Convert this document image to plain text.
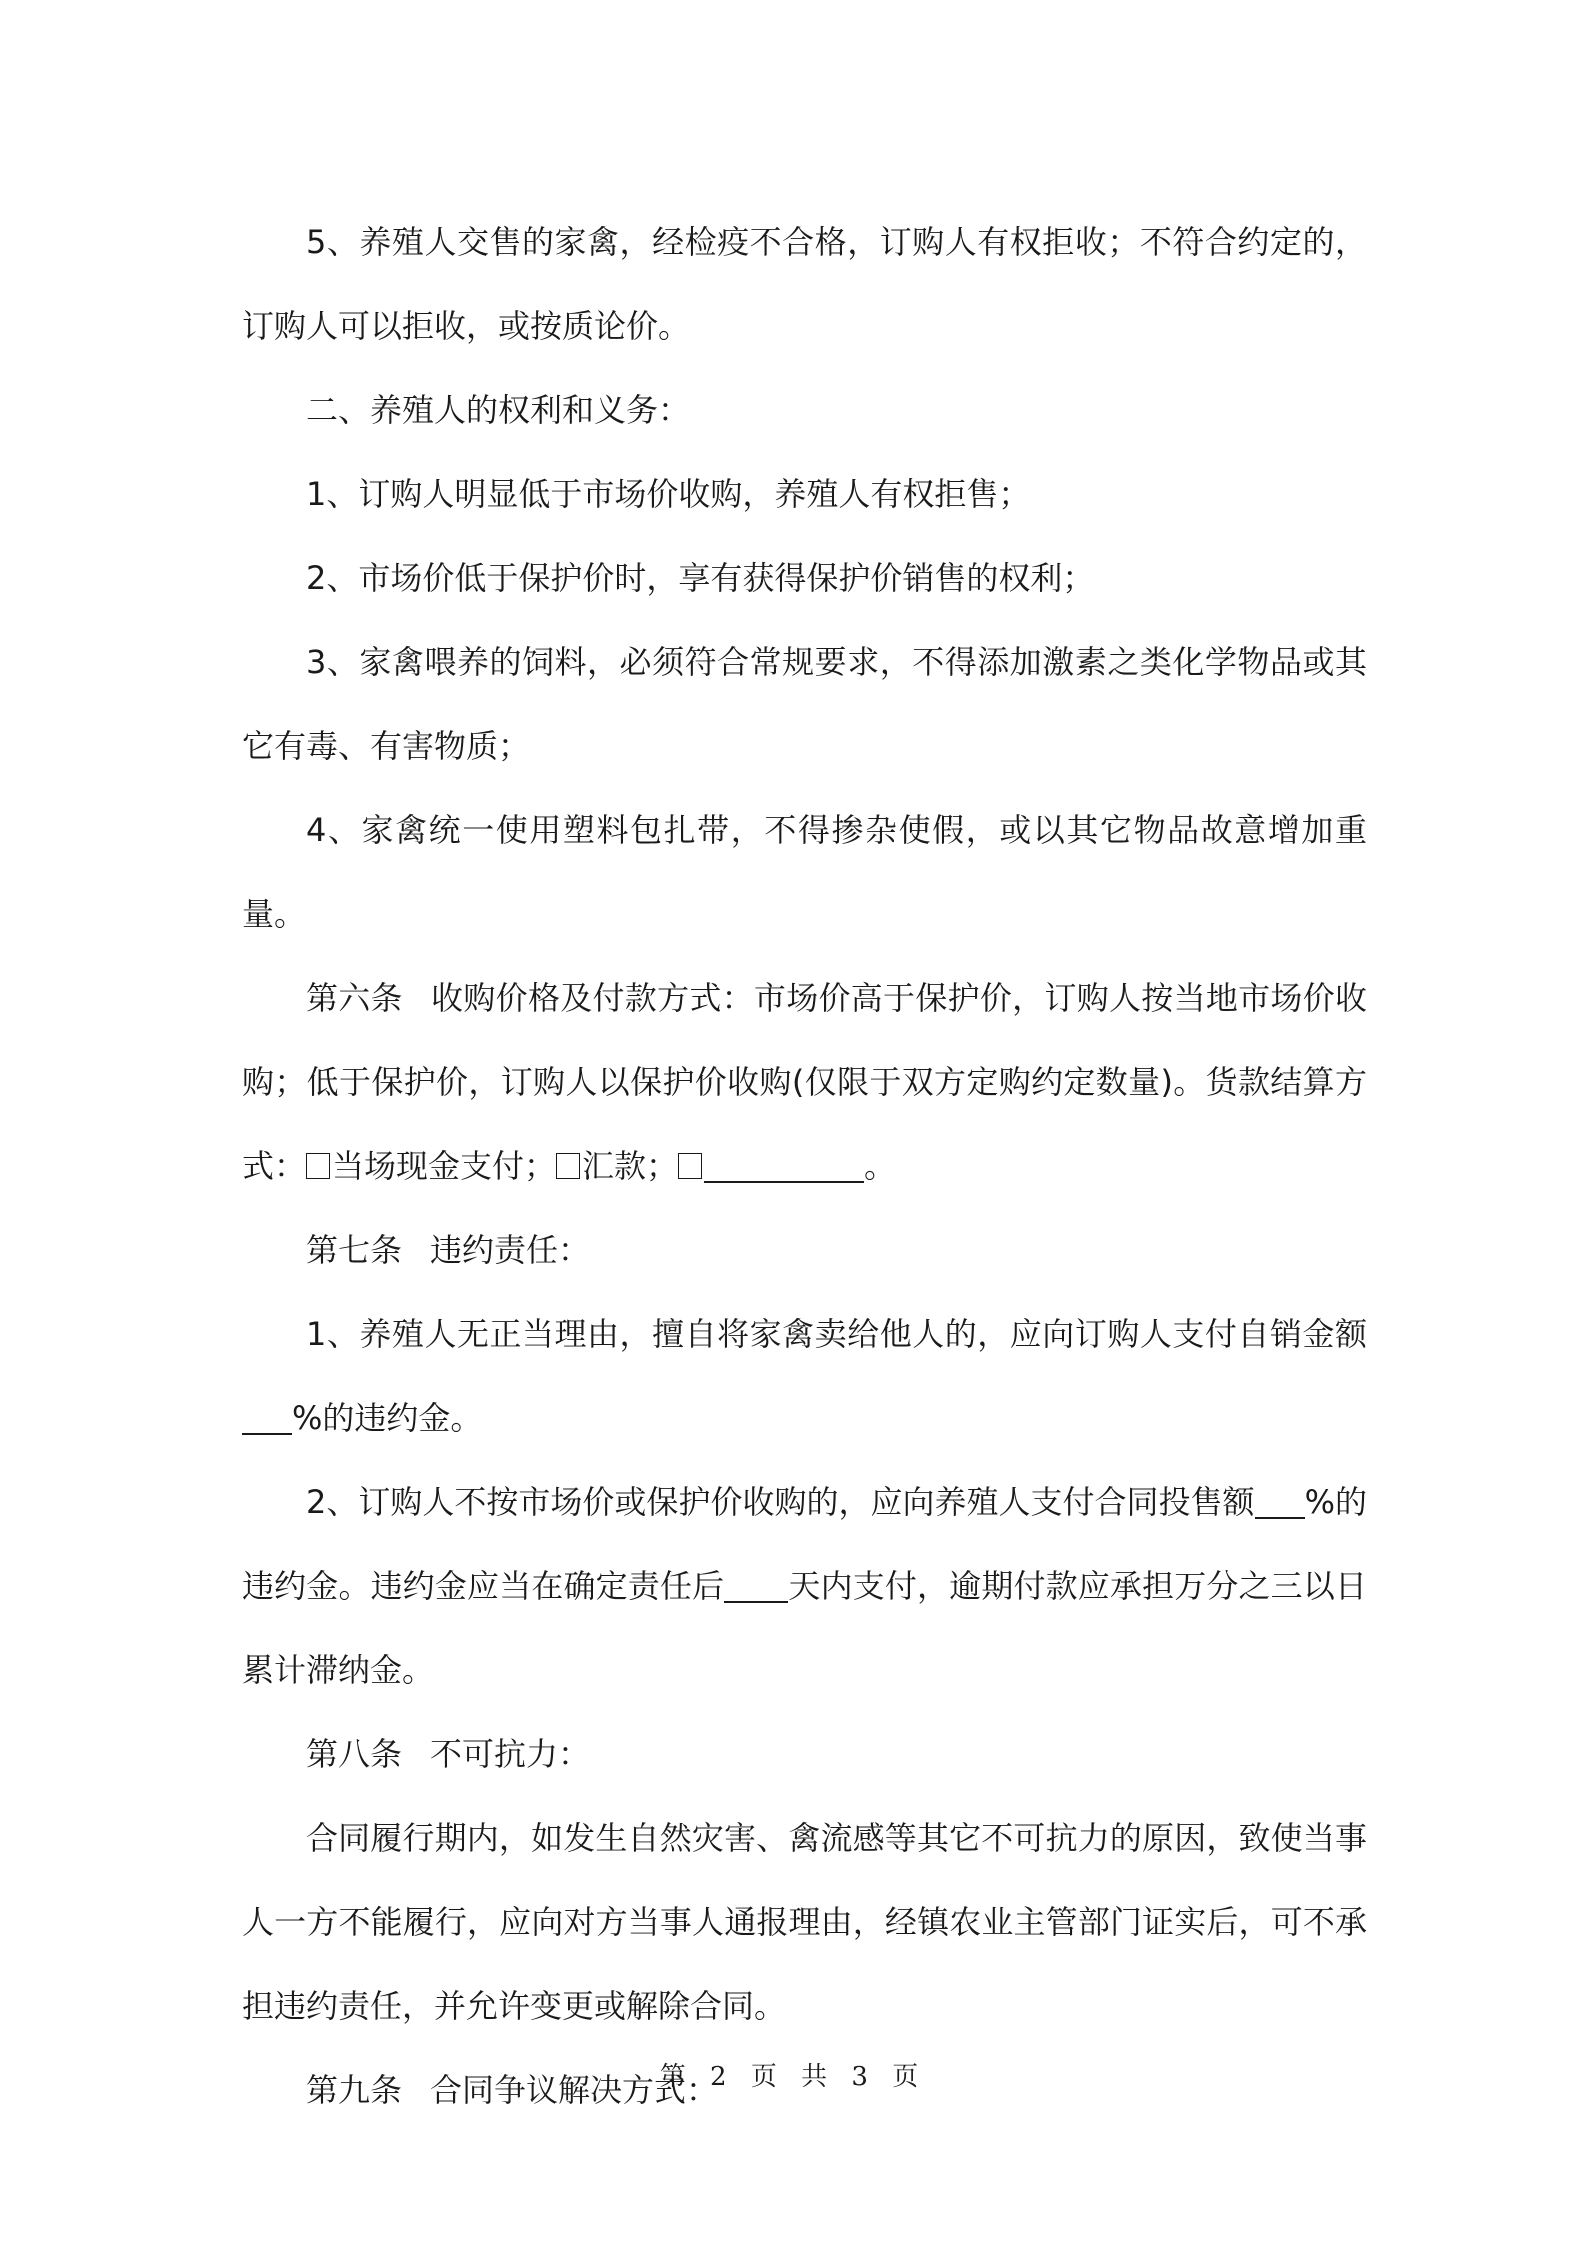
5、养殖人交售的家禽，经检疫不合格，订购人有权拒收；不符合约定的，订购人可以拒收，或按质论价。

二、养殖人的权利和义务：

1、订购人明显低于市场价收购，养殖人有权拒售；

2、市场价低于保护价时，享有获得保护价销售的权利；

3、家禽喂养的饲料，必须符合常规要求，不得添加激素之类化学物品或其它有毒、有害物质；

4、家禽统一使用塑料包扎带，不得掺杂使假，或以其它物品故意增加重量。

第六条 收购价格及付款方式：市场价高于保护价，订购人按当地市场价收购；低于保护价，订购人以保护价收购(仅限于双方定购约定数量)。货款结算方式： 当场现金支付； 汇款；	。

第七条 违约责任：

1、养殖人无正当理由，擅自将家禽卖给他人的，应向订购人支付自销金额%的违约金。

2、订购人不按市场价或保护价收购的，应向养殖人支付合同投售额 %的违约金。违约金应当在确定责任后 天内支付，逾期付款应承担万分之三以日累计滞纳金。

第八条 不可抗力：

合同履行期内，如发生自然灾害、禽流感等其它不可抗力的原因，致使当事人一方不能履行，应向对方当事人通报理由，经镇农业主管部门证实后，可不承担违约责任，并允许变更或解除合同。

第九条 合同争议解决方式：

第 2 页 共 3 页
